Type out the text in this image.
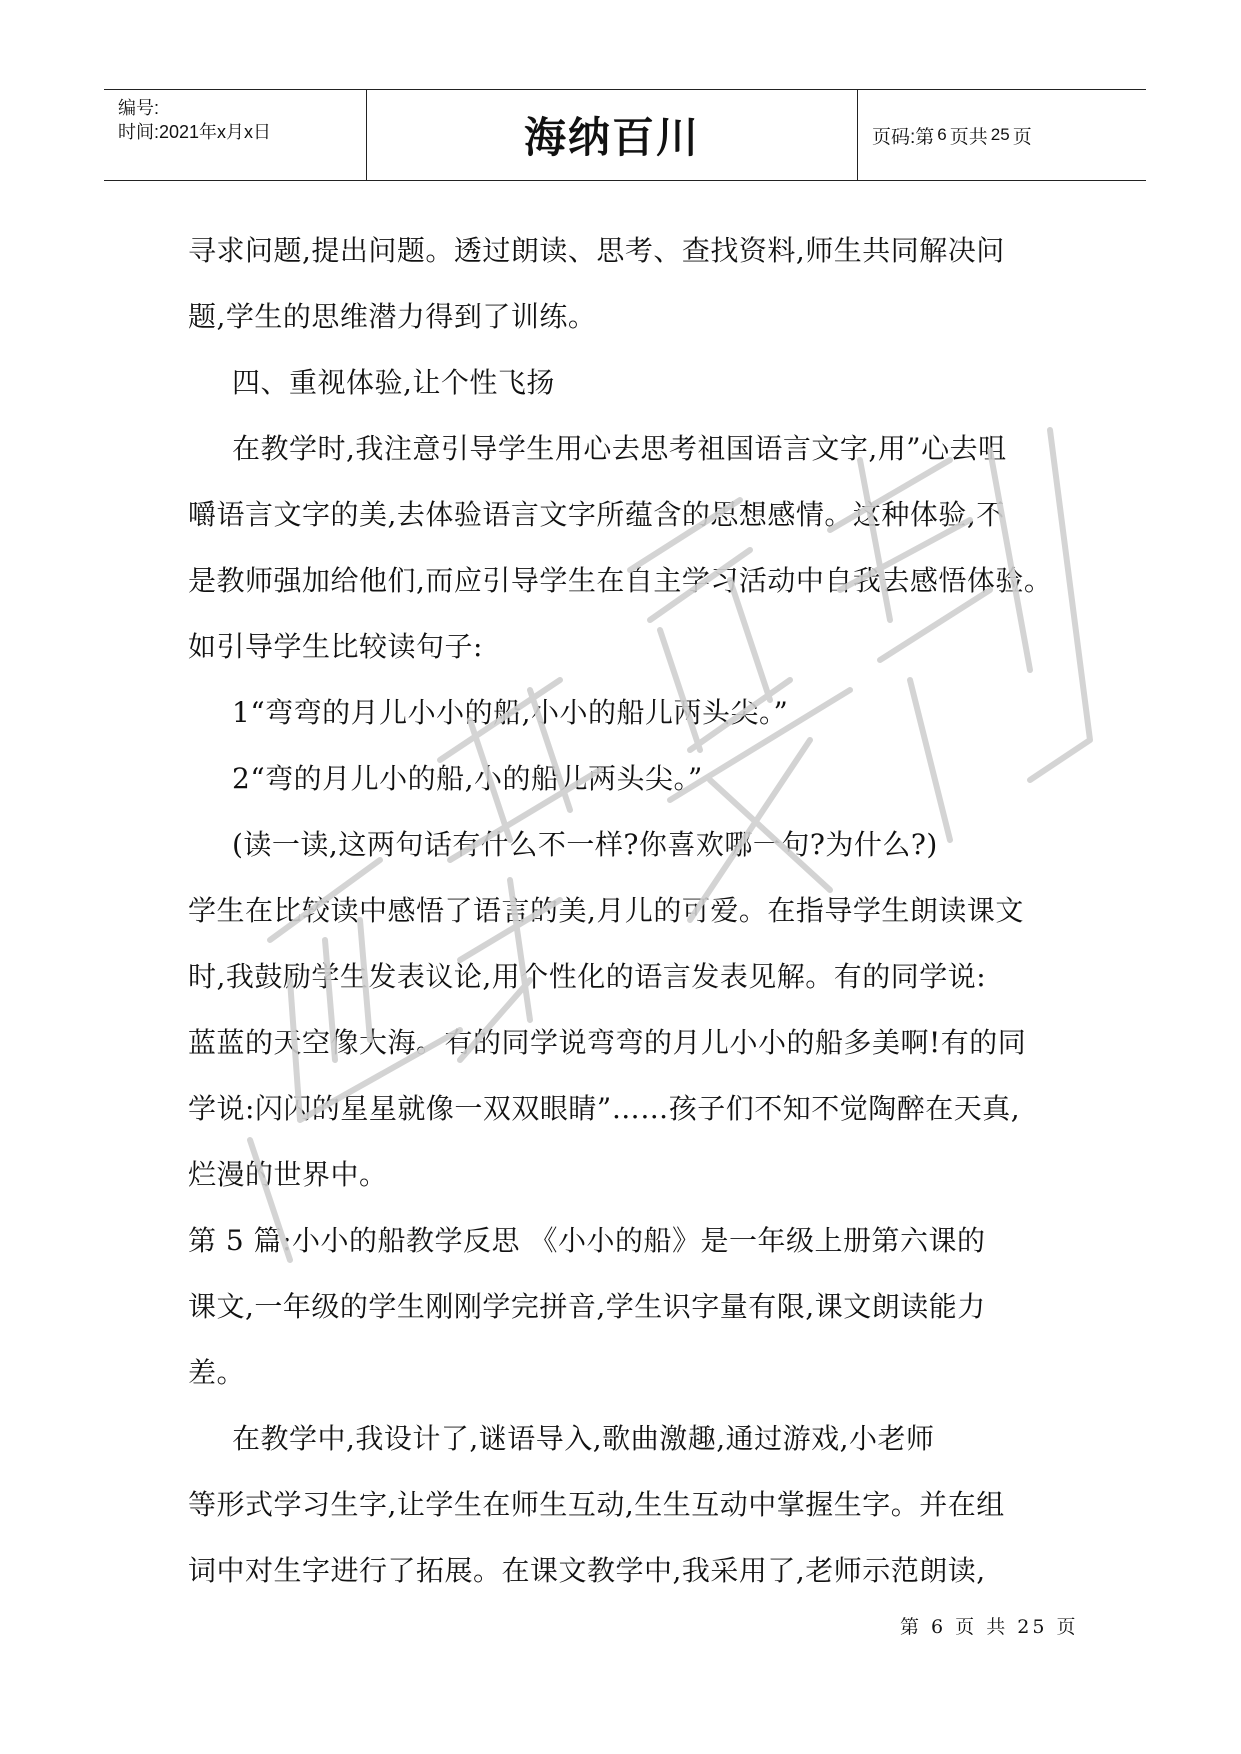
编号:
时间:2021年x月x日	海纳百川	页码:第 6 页共 25 页
寻求问题,提出问题。透过朗读、思考、查找资料,师生共同解决问
题,学生的思维潜力得到了训练。
四、重视体验,让个性飞扬
在教学时,我注意引导学生用心去思考祖国语言文字,用”心去咀
嚼语言文字的美,去体验语言文字所蕴含的思想感情。这种体验,不
是教师强加给他们,而应引导学生在自主学习活动中自我去感悟体验。
如引导学生比较读句子:
1“弯弯的月儿小小的船,小小的船儿两头尖。”
2“弯的月儿小的船,小的船儿两头尖。”
(读一读,这两句话有什么不一样?你喜欢哪一句?为什么?)
学生在比较读中感悟了语言的美,月儿的可爱。在指导学生朗读课文
时,我鼓励学生发表议论,用个性化的语言发表见解。有的同学说:
蓝蓝的天空像大海。有的同学说弯弯的月儿小小的船多美啊!有的同
学说:闪闪的星星就像一双双眼睛”……孩子们不知不觉陶醉在天真,
烂漫的世界中。
第 5 篇:小小的船教学反思 《小小的船》是一年级上册第六课的
课文,一年级的学生刚刚学完拼音,学生识字量有限,课文朗读能力
差。
在教学中,我设计了,谜语导入,歌曲激趣,通过游戏,小老师
等形式学习生字,让学生在师生互动,生生互动中掌握生字。并在组
词中对生字进行了拓展。在课文教学中,我采用了,老师示范朗读,
第 6 页 共 25 页
